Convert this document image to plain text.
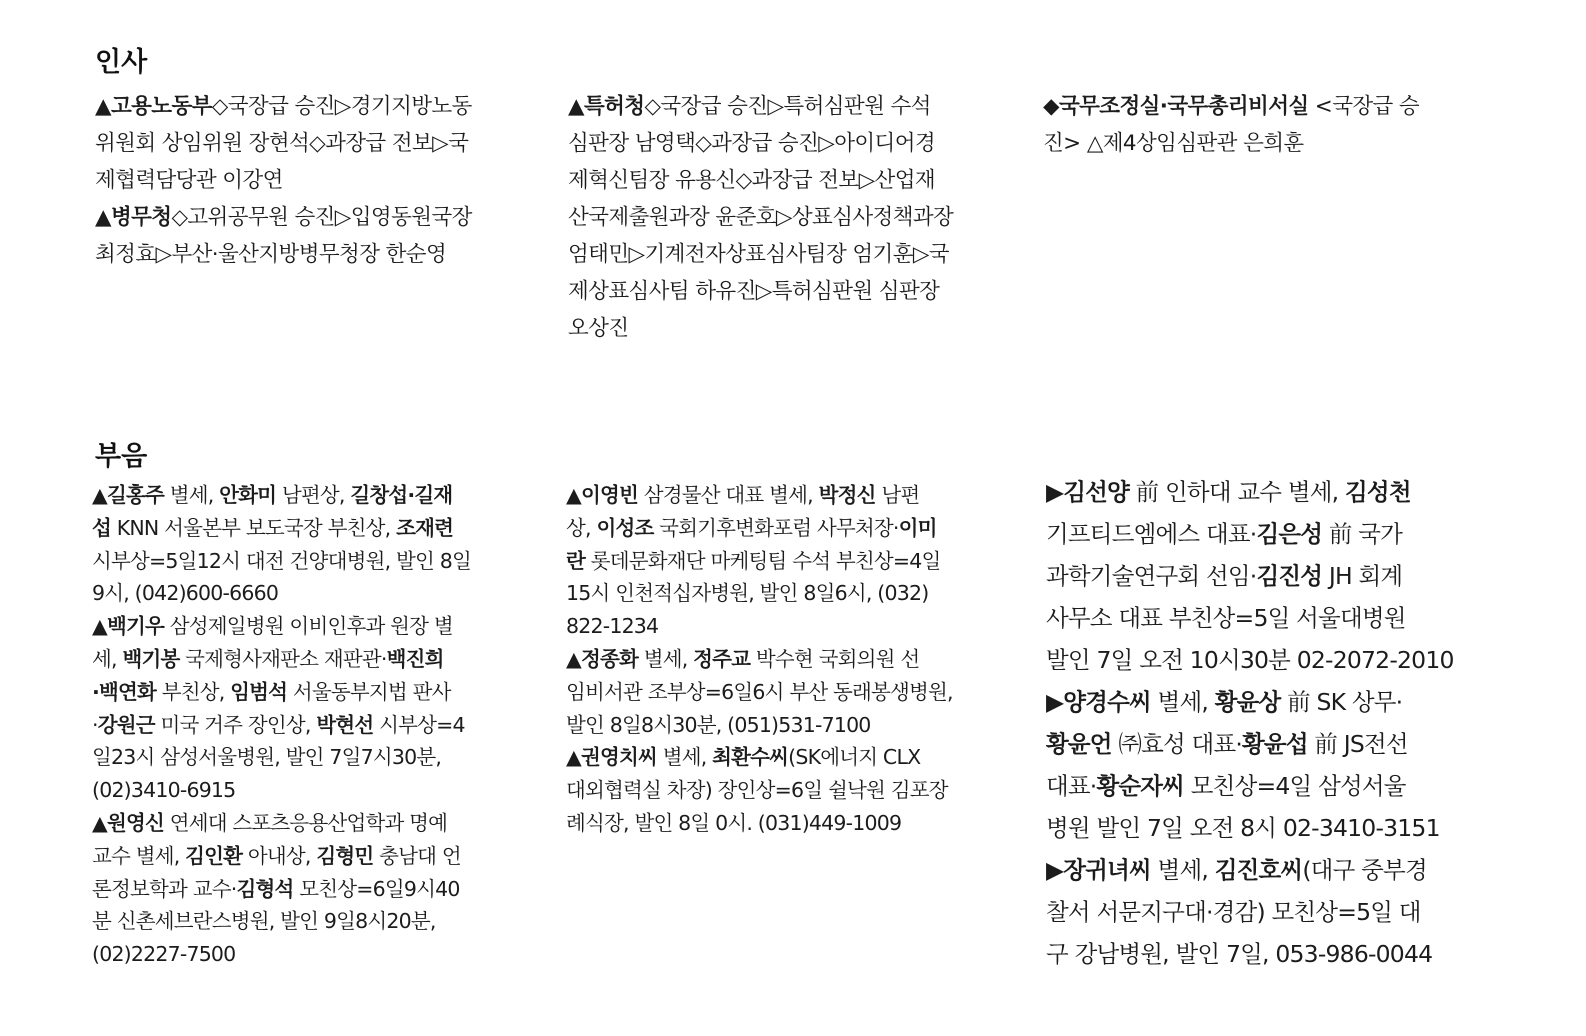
인사

▲고용노동부◇국장급 승진▷경기지방노동
위원회 상임위원 장현석◇과장급 전보▷국
제협력담당관 이강연

▲병무청◇고위공무원 승진▷입영동원국장
최정효▷부산·울산지방병무청장 한순영

▲특허청◇국장급 승진▷특허심판원 수석
심판장 남영택◇과장급 승진▷아이디어경
제혁신팀장 유용신◇과장급 전보▷산업재
산국제출원과장 윤준호▷상표심사정책과장
엄태민▷기계전자상표심사팀장 엄기훈▷국
제상표심사팀 하유진▷특허심판원 심판장
오상진

◆국무조정실·국무총리비서실 <국장급 승
진> △제4상임심판관 은희훈

부음

▲길홍주 별세, 안화미 남편상, 길창섭·길재
섭 KNN 서울본부 보도국장 부친상, 조재련
시부상=5일12시 대전 건양대병원, 발인 8일
9시, (042)600-6660

▲백기우 삼성제일병원 이비인후과 원장 별
세, 백기봉 국제형사재판소 재판관·백진희
·백연화 부친상, 임범석 서울동부지법 판사
·강원근 미국 거주 장인상, 박현선 시부상=4
일23시 삼성서울병원, 발인 7일7시30분,
(02)3410-6915

▲원영신 연세대 스포츠응용산업학과 명예
교수 별세, 김인환 아내상, 김형민 충남대 언
론정보학과 교수·김형석 모친상=6일9시40
분 신촌세브란스병원, 발인 9일8시20분,
(02)2227-7500

▲이영빈 삼경물산 대표 별세, 박정신 남편
상, 이성조 국회기후변화포럼 사무처장·이미
란 롯데문화재단 마케팅팀 수석 부친상=4일
15시 인천적십자병원, 발인 8일6시, (032)
822-1234

▲정종화 별세, 정주교 박수현 국회의원 선
임비서관 조부상=6일6시 부산 동래봉생병원,
발인 8일8시30분, (051)531-7100

▲권영치씨 별세, 최환수씨(SK에너지 CLX
대외협력실 차장) 장인상=6일 쉴낙원 김포장
례식장, 발인 8일 0시. (031)449-1009

▶김선양 前 인하대 교수 별세, 김성천
기프티드엠에스 대표·김은성 前 국가
과학기술연구회 선임·김진성 JH 회계
사무소 대표 부친상=5일 서울대병원
발인 7일 오전 10시30분 02-2072-2010

▶양경수씨 별세, 황윤상 前 SK 상무·
황윤언 ㈜효성 대표·황윤섭 前 JS전선
대표·황순자씨 모친상=4일 삼성서울
병원 발인 7일 오전 8시 02-3410-3151

▶장귀녀씨 별세, 김진호씨(대구 중부경
찰서 서문지구대·경감) 모친상=5일 대
구 강남병원, 발인 7일, 053-986-0044
